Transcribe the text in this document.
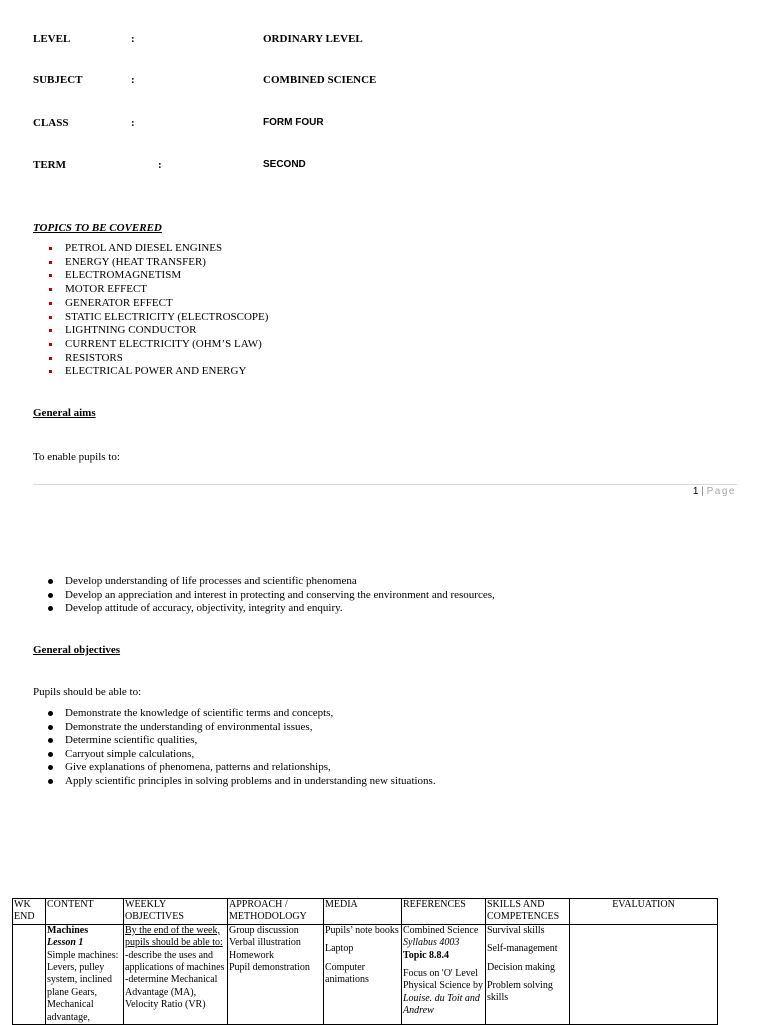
LEVEL	:	ORDINARY LEVEL
SUBJECT	:	COMBINED SCIENCE
CLASS	:	FORM FOUR
TERM	:	SECOND
TOPICS TO BE COVERED
PETROL AND DIESEL ENGINES
ENERGY (HEAT TRANSFER)
ELECTROMAGNETISM
MOTOR EFFECT
GENERATOR EFFECT
STATIC ELECTRICITY (ELECTROSCOPE)
LIGHTNING CONDUCTOR
CURRENT ELECTRICITY (OHM’S LAW)
RESISTORS
ELECTRICAL POWER AND ENERGY
General aims
To enable pupils to:
1 | Page
Develop understanding of life processes and scientific phenomena
Develop an appreciation and interest in protecting and conserving the environment and resources,
Develop attitude of accuracy, objectivity, integrity and enquiry.
General objectives
Pupils should be able to:
Demonstrate the knowledge of scientific terms and concepts,
Demonstrate the understanding of environmental issues,
Determine scientific qualities,
Carryout simple calculations,
Give explanations of phenomena, patterns and relationships,
Apply scientific principles in solving problems and in understanding new situations.
WK
END	CONTENT	WEEKLY
OBJECTIVES	APPROACH /
METHODOLOGY	MEDIA	REFERENCES	SKILLS AND
COMPETENCES	EVALUATION
	Machines
Lesson 1
Simple machines: Levers, pulley system, inclined plane Gears, Mechanical advantage,	By the end of the week, pupils should be able to:
-describe the uses and applications of machines
-determine Mechanical Advantage (MA), Velocity Ratio (VR)	Group discussion
Verbal illustration
Homework
Pupil demonstration	Pupils’ note books
Laptop
Computer animations	Combined Science
Syllabus 4003
Topic 8.8.4
Focus on 'O' Level Physical Science by Louise. du Toit and Andrew	Survival skills
Self-management
Decision making
Problem solving skills	
